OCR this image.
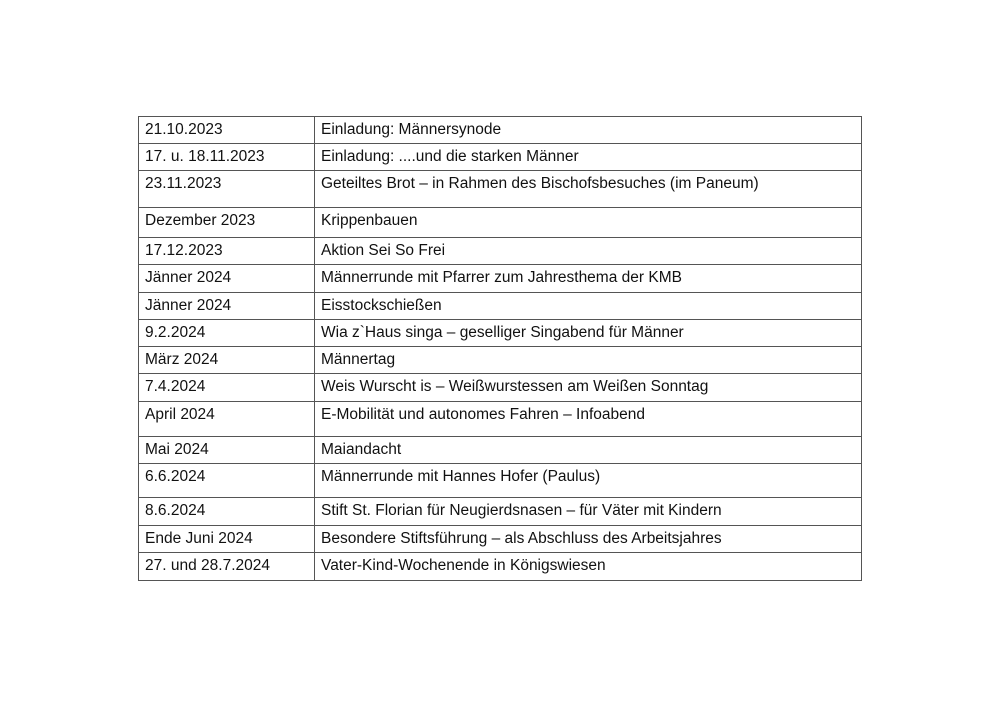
21.10.2023	Einladung: Männersynode
17. u. 18.11.2023	Einladung: ....und die starken Männer
23.11.2023	Geteiltes Brot – in Rahmen des Bischofsbesuches (im Paneum)
Dezember 2023	Krippenbauen
17.12.2023	Aktion Sei So Frei
Jänner 2024	Männerrunde mit Pfarrer zum Jahresthema der KMB
Jänner 2024	Eisstockschießen
9.2.2024	Wia z`Haus singa – geselliger Singabend für Männer
März 2024	Männertag
7.4.2024	Weis Wurscht is – Weißwurstessen am Weißen Sonntag
April 2024	E-Mobilität und autonomes Fahren – Infoabend
Mai 2024	Maiandacht
6.6.2024	Männerrunde mit Hannes Hofer (Paulus)
8.6.2024	Stift St. Florian für Neugierdsnasen – für Väter mit Kindern
Ende Juni 2024	Besondere Stiftsführung – als Abschluss des Arbeitsjahres
27. und 28.7.2024	Vater-Kind-Wochenende in Königswiesen
